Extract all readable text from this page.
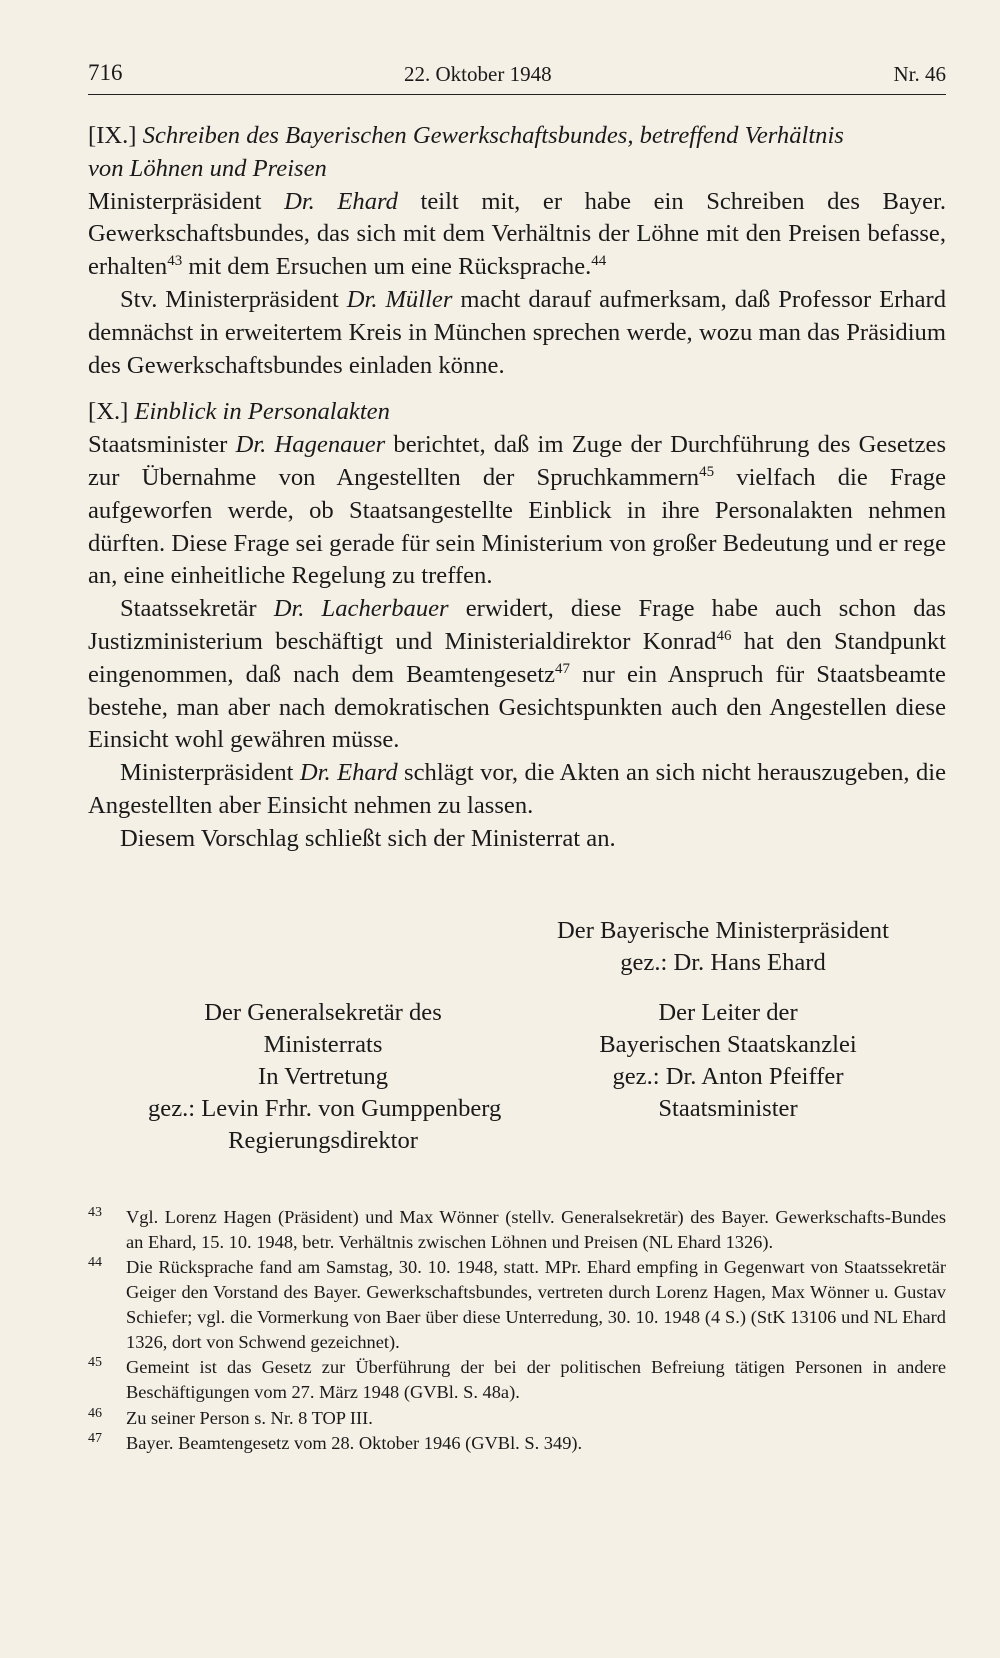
716	22. Oktober 1948	Nr. 46

[IX.] Schreiben des Bayerischen Gewerkschaftsbundes, betreffend Verhältnis
von Löhnen und Preisen

Ministerpräsident Dr. Ehard teilt mit, er habe ein Schreiben des Bayer. Gewerkschaftsbundes, das sich mit dem Verhältnis der Löhne mit den Preisen befasse, erhalten$^{43}$ mit dem Ersuchen um eine Rücksprache.$^{44}$

Stv. Ministerpräsident Dr. Müller macht darauf aufmerksam, daß Professor Erhard demnächst in erweitertem Kreis in München sprechen werde, wozu man das Präsidium des Gewerkschaftsbundes einladen könne.

[X.] Einblick in Personalakten

Staatsminister Dr. Hagenauer berichtet, daß im Zuge der Durchführung des Gesetzes zur Übernahme von Angestellten der Spruchkammern$^{45}$ vielfach die Frage aufgeworfen werde, ob Staatsangestellte Einblick in ihre Personalakten nehmen dürften. Diese Frage sei gerade für sein Ministerium von großer Bedeutung und er rege an, eine einheitliche Regelung zu treffen.

Staatssekretär Dr. Lacherbauer erwidert, diese Frage habe auch schon das Justizministerium beschäftigt und Ministerialdirektor Konrad$^{46}$ hat den Standpunkt eingenommen, daß nach dem Beamtengesetz$^{47}$ nur ein Anspruch für Staatsbeamte bestehe, man aber nach demokratischen Gesichtspunkten auch den Angestellen diese Einsicht wohl gewähren müsse.

Ministerpräsident Dr. Ehard schlägt vor, die Akten an sich nicht herauszugeben, die Angestellten aber Einsicht nehmen zu lassen.

Diesem Vorschlag schließt sich der Ministerrat an.

Der Bayerische Ministerpräsident
gez.: Dr. Hans Ehard
Der Generalsekretär des
Ministerrats
In Vertretung
gez.: Levin Frhr. von Gumppenberg
Regierungsdirektor
Der Leiter der
Bayerischen Staatskanzlei
gez.: Dr. Anton Pfeiffer
Staatsminister
43 Vgl. Lorenz Hagen (Präsident) und Max Wönner (stellv. Generalsekretär) des Bayer. Gewerkschafts-Bundes an Ehard, 15. 10. 1948, betr. Verhältnis zwischen Löhnen und Preisen (NL Ehard 1326).
44 Die Rücksprache fand am Samstag, 30. 10. 1948, statt. MPr. Ehard empfing in Gegenwart von Staatssekretär Geiger den Vorstand des Bayer. Gewerkschaftsbundes, vertreten durch Lorenz Hagen, Max Wönner u. Gustav Schiefer; vgl. die Vormerkung von Baer über diese Unterredung, 30. 10. 1948 (4 S.) (StK 13106 und NL Ehard 1326, dort von Schwend gezeichnet).
45 Gemeint ist das Gesetz zur Überführung der bei der politischen Befreiung tätigen Personen in andere Beschäftigungen vom 27. März 1948 (GVBl. S. 48a).
46 Zu seiner Person s. Nr. 8 TOP III.
47 Bayer. Beamtengesetz vom 28. Oktober 1946 (GVBl. S. 349).
